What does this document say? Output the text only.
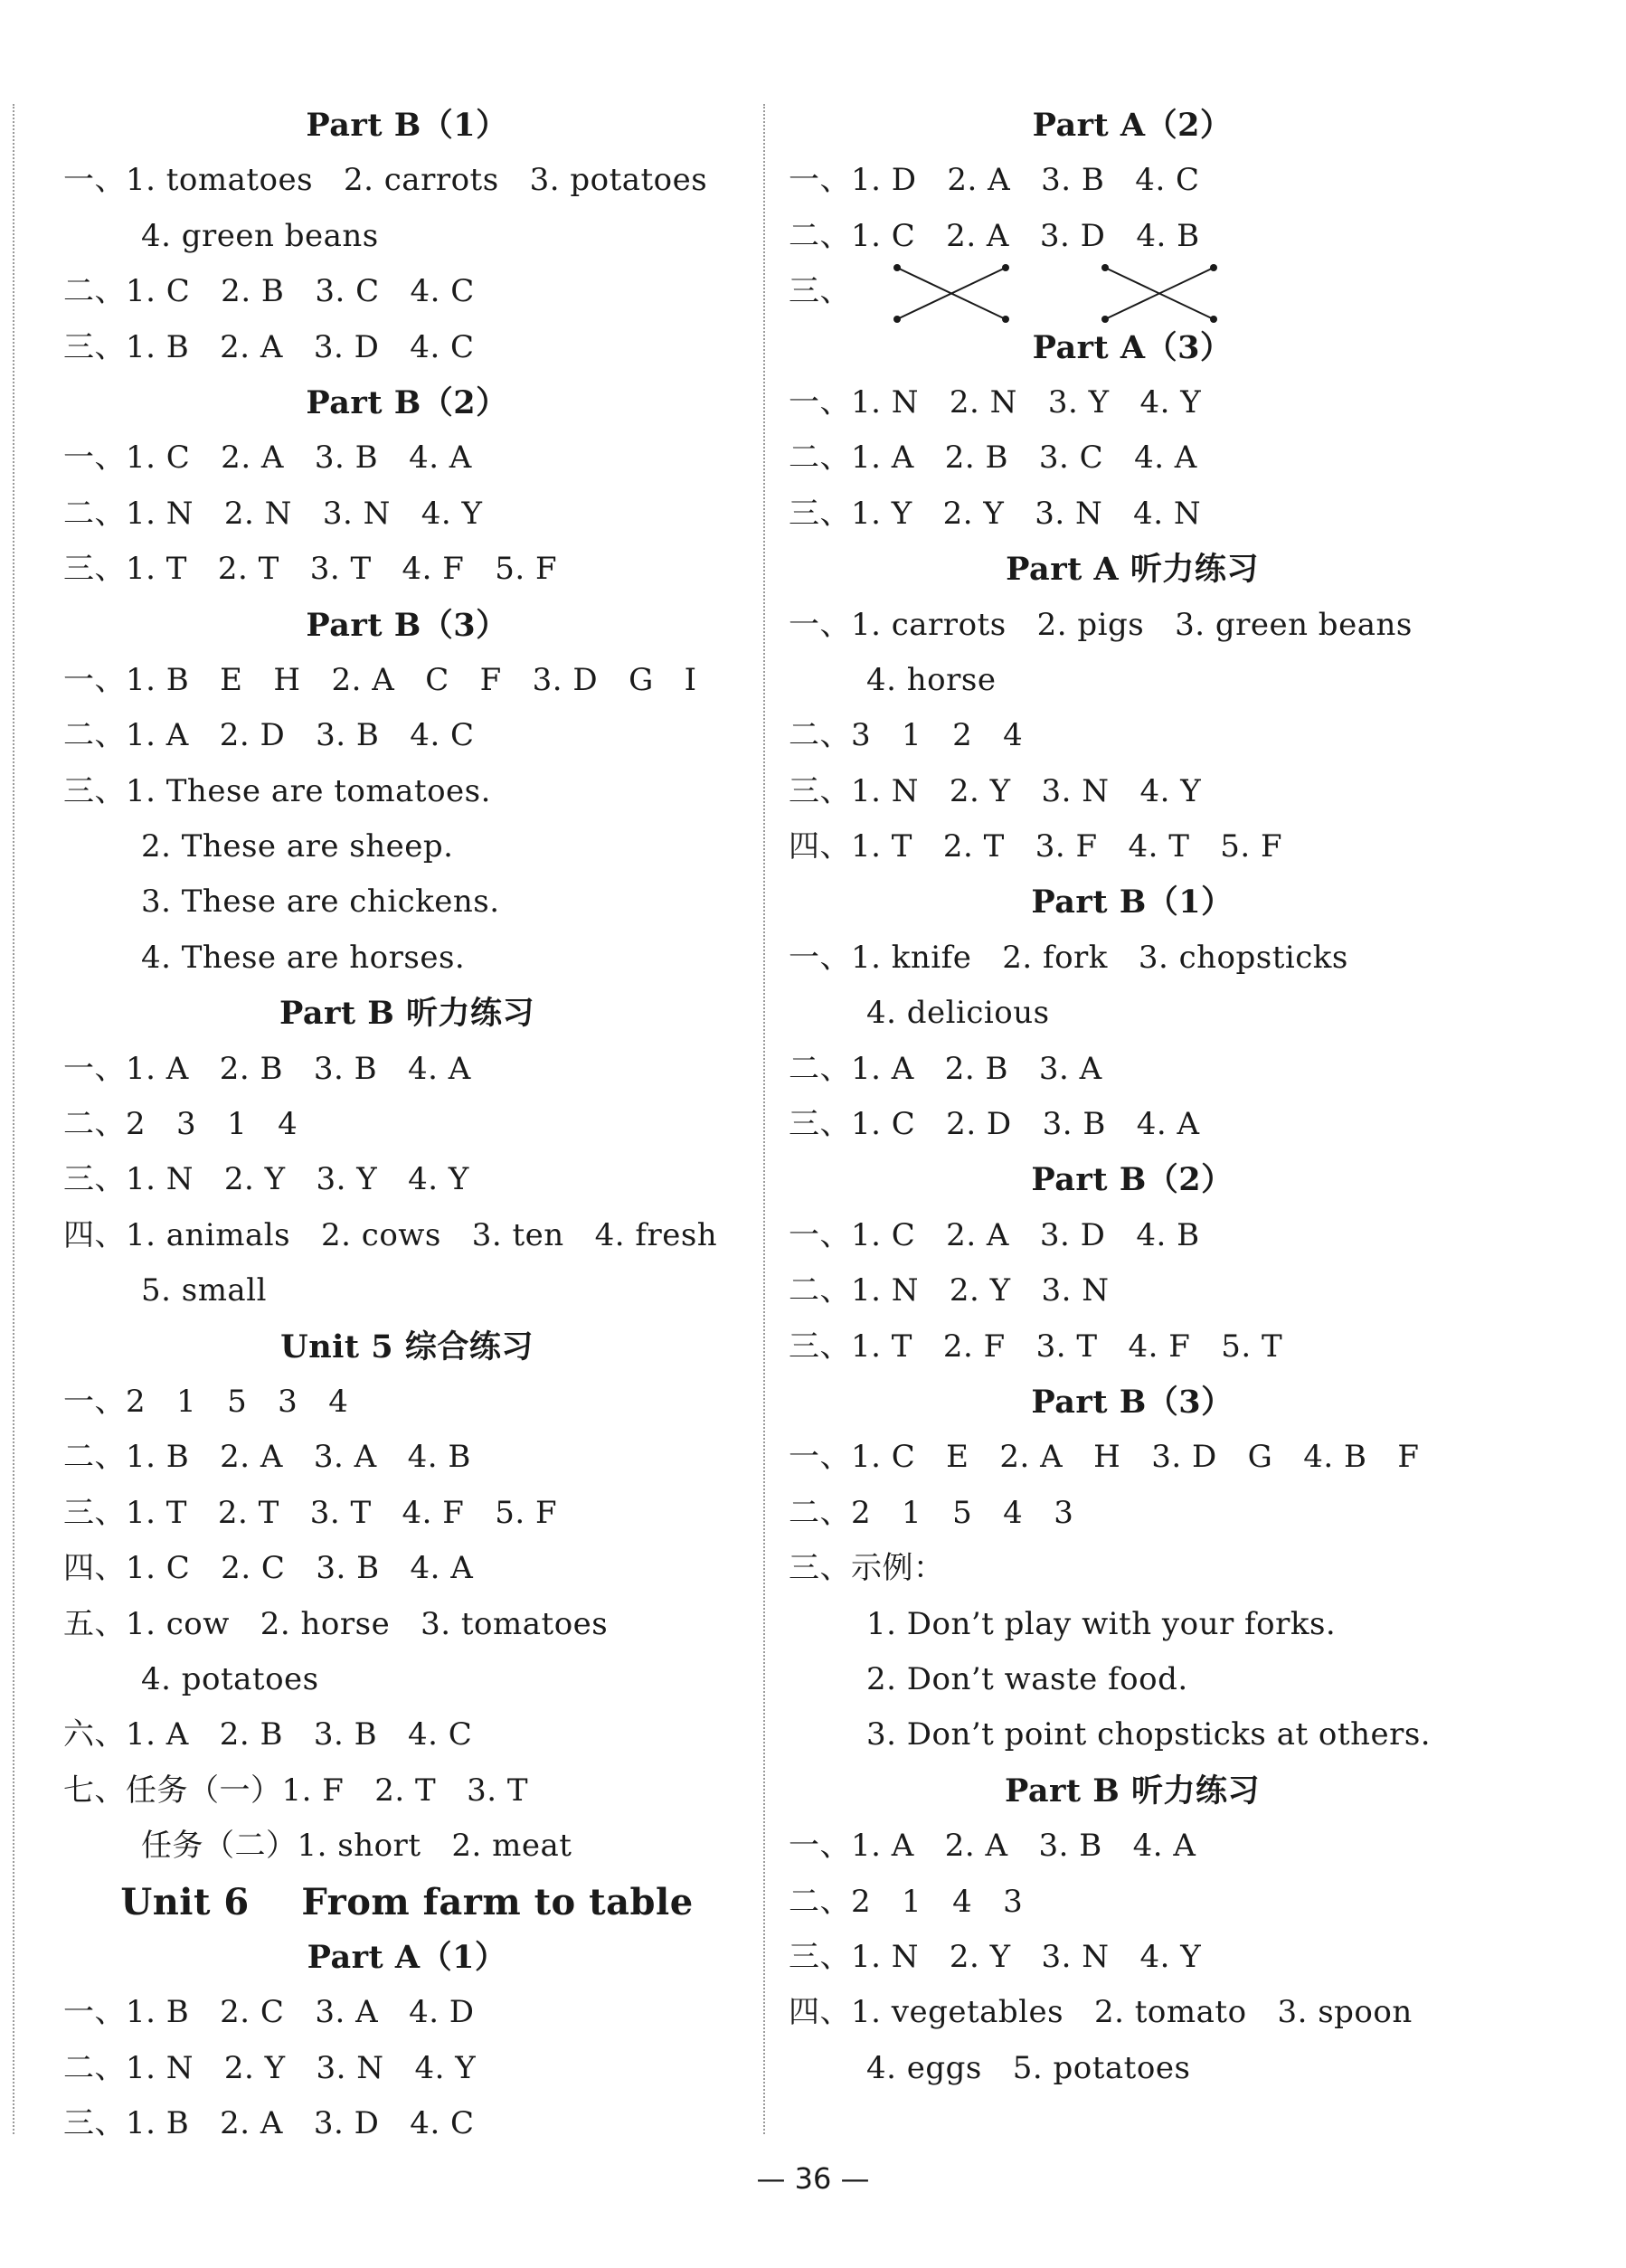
Part B（1）
一、1. tomatoes   2. carrots   3. potatoes
4. green beans
二、1. C   2. B   3. C   4. C
三、1. B   2. A   3. D   4. C
Part B（2）
一、1. C   2. A   3. B   4. A
二、1. N   2. N   3. N   4. Y
三、1. T   2. T   3. T   4. F   5. F
Part B（3）
一、1. B   E   H   2. A   C   F   3. D   G   I
二、1. A   2. D   3. B   4. C
三、1. These are tomatoes.
2. These are sheep.
3. These are chickens.
4. These are horses.
Part B 听力练习
一、1. A   2. B   3. B   4. A
二、2   3   1   4
三、1. N   2. Y   3. Y   4. Y
四、1. animals   2. cows   3. ten   4. fresh
5. small
Unit 5 综合练习
一、2   1   5   3   4
二、1. B   2. A   3. A   4. B
三、1. T   2. T   3. T   4. F   5. F
四、1. C   2. C   3. B   4. A
五、1. cow   2. horse   3. tomatoes
4. potatoes
六、1. A   2. B   3. B   4. C
七、任务（一）1. F   2. T   3. T
任务（二）1. short   2. meat
Unit 6    From farm to table
Part A（1）
一、1. B   2. C   3. A   4. D
二、1. N   2. Y   3. N   4. Y
三、1. B   2. A   3. D   4. C
Part A（2）
一、1. D   2. A   3. B   4. C
二、1. C   2. A   3. D   4. B
三、
Part A（3）
一、1. N   2. N   3. Y   4. Y
二、1. A   2. B   3. C   4. A
三、1. Y   2. Y   3. N   4. N
Part A 听力练习
一、1. carrots   2. pigs   3. green beans
4. horse
二、3   1   2   4
三、1. N   2. Y   3. N   4. Y
四、1. T   2. T   3. F   4. T   5. F
Part B（1）
一、1. knife   2. fork   3. chopsticks
4. delicious
二、1. A   2. B   3. A
三、1. C   2. D   3. B   4. A
Part B（2）
一、1. C   2. A   3. D   4. B
二、1. N   2. Y   3. N
三、1. T   2. F   3. T   4. F   5. T
Part B（3）
一、1. C   E   2. A   H   3. D   G   4. B   F
二、2   1   5   4   3
三、示例：
1. Don’t play with your forks.
2. Don’t waste food.
3. Don’t point chopsticks at others.
Part B 听力练习
一、1. A   2. A   3. B   4. A
二、2   1   4   3
三、1. N   2. Y   3. N   4. Y
四、1. vegetables   2. tomato   3. spoon
4. eggs   5. potatoes
— 36 —
